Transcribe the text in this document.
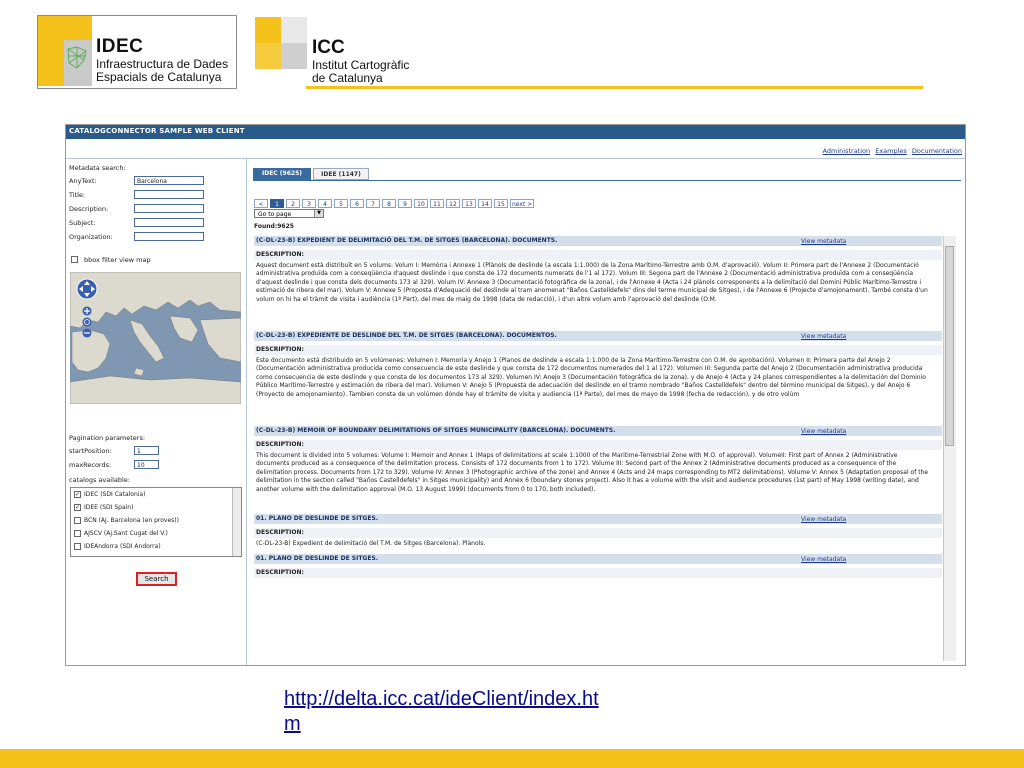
IDEC
Infraestructura de Dades
Espacials de Catalunya
ICC
Institut Cartogràfic
de Catalunya
CATALOGCONNECTOR SAMPLE WEB CLIENT
Administration Examples Documentation
Metadata search:
AnyText:	Barcelona
Title:
Description:
Subject:
Organization:
bbox filter view map
Pagination parameters:
startPosition:	1
maxRecords:	10
catalogs available:
✓ IDEC (SDI Catalonia)
✓ IDEE (SDI Spain)
BCN (Aj. Barcelona (en proves))
AJSCV (Aj.Sant Cugat del V.)
IDEAndorra (SDI Andorra)
Search
IDEC (9625)	IDEE (1147)
< 1 2 3 4 5 6 7 8 9 10 11 12 13 14 15 next >
Go to page	▼
Found:9625
(C-DL-23-B) EXPEDIENT DE DELIMITACIÓ DEL T.M. DE SITGES (BARCELONA). DOCUMENTS.	View metadata
DESCRIPTION:
Aquest document està distribuït en 5 volums: Volum I: Memòria i Annexe 1 (Plànols de deslinde (a escala 1:1.000) de la Zona Marítimo-Terrestre amb O.M. d'aprovació). Volum II: Primera part de l'Annexe 2 (Documentació administrativa produïda com a conseqüència d'aquest deslinde i que consta de 172 documents numerats de l'1 al 172). Volum III: Segona part de l'Annexe 2 (Documentació administrativa produïda com a conseqüència d'aquest deslinde i que consta dels documents 173 al 329). Volum IV: Annexe 3 (Documentació fotogràfica de la zona), i de l'Annexe 4 (Acta i 24 plànols corresponents a la delimitació del Domini Públic Marítimo-Terrestre i estimació de ribera del mar). Volum V: Annexe 5 (Proposta d'Adequació del deslinde al tram anomenat "Baños Castelldefels" dins del terme municipal de Sitges), i de l'Annexe 6 (Projecte d'amojonament). També consta d'un volum on hi ha el tràmit de visita i audiència (1ª Part), del mes de maig de 1998 (data de redacció), i d'un altre volum amb l'aprovació del deslinde (O.M.
(C-DL-23-B) EXPEDIENTE DE DESLINDE DEL T.M. DE SITGES (BARCELONA). DOCUMENTOS.	View metadata
DESCRIPTION:
Este documento está distribuido en 5 volúmenes: Volumen I: Memoria y Anejo 1 (Planos de deslinde a escala 1:1.000 de la Zona Marítimo-Terrestre con O.M. de aprobación). Volumen II: Primera parte del Anejo 2 (Documentación administrativa producida como consecuencia de este deslinde y que consta de 172 documentos numerados del 1 al 172). Volumen III: Segunda parte del Anejo 2 (Documentación administrativa producida como consecuencia de este deslinde y que consta de los documentos 173 al 329). Volumen IV: Anejo 3 (Documentación fotográfica de la zona), y de Anejo 4 (Acta y 24 planos correspondientes a la delimitación del Dominio Público Marítimo-Terrestre y estimación de ribera del mar). Volumen V: Anejo 5 (Propuesta de adecuación del deslinde en el tramo nombrado "Baños Castelldefels" dentro del término municipal de Sitges), y del Anejo 6 (Proyecto de amojonamiento). Tambien consta de un volúmen dónde hay el trámite de visita y audiencia (1ª Parte), del mes de mayo de 1998 (fecha de redacción), y de otro volúm
(C-DL-23-B) MEMOIR OF BOUNDARY DELIMITATIONS OF SITGES MUNICIPALITY (BARCELONA). DOCUMENTS.	View metadata
DESCRIPTION:
This document is divided into 5 volumes: Volume I: Memoir and Annex 1 (Maps of delimitations at scale 1:1000 of the Maritime-Terrestrial Zone with M.O. of approval). VolumeII: First part of Annex 2 (Administrative documents produced as a consequence of the delimitation process. Consists of 172 documents from 1 to 172). Volume III: Second part of the Annex 2 (Administrative documents produced as a consequence of the delimitation process. Documents from 172 to 329). Volume IV: Annex 3 (Photographic archive of the zone) and Annex 4 (Acts and 24 maps corresponding to MT2 delimitations). Volume V: Annex 5 (Adaptation proposal of the delimitation in the section called "Baños Castelldefels" in Sitges municipality) and Annex 6 (boundary stones project). Also it has a volume with the visit and audience procedures (1st part) of May 1998 (writing date), and another volume with the delimitation approval (M.O. 13 August 1999) (documents from 0 to 170, both included).
01. PLANO DE DESLINDE DE SITGES.	View metadata
DESCRIPTION:
(C-DL-23-B) Expedient de delimitació del T.M. de Sitges (Barcelona). Plànols.
01. PLANO DE DESLINDE DE SITGES.	View metadata
DESCRIPTION:
http://delta.icc.cat/ideClient/index.ht
m
